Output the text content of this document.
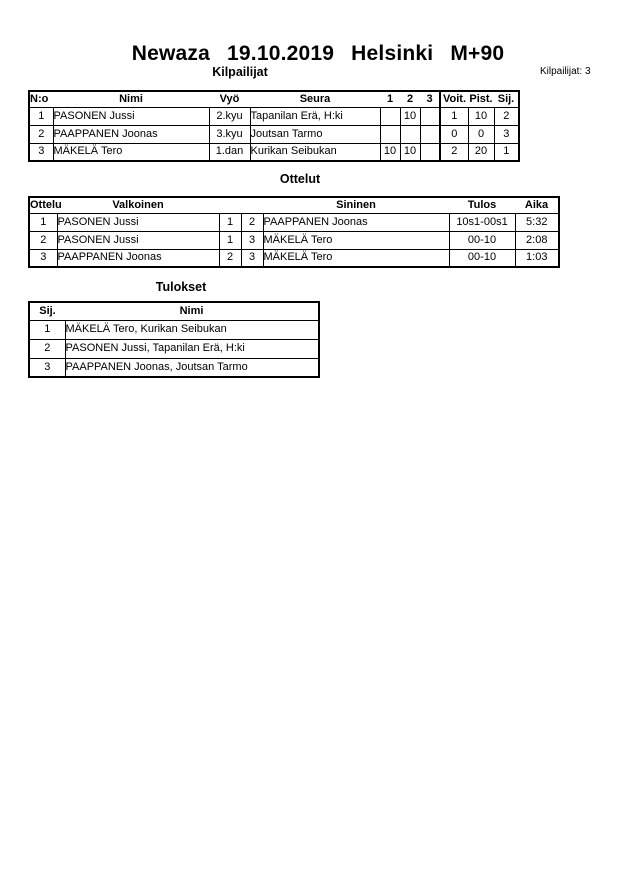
Newaza 19.10.2019 Helsinki M+90
Kilpailijat	Kilpailijat: 3
N:o	Nimi	Vyö	Seura	1	2	3	Voit.	Pist.	Sij.
1	PASONEN Jussi	2.kyu	Tapanilan Erä, H:ki		10		1	10	2
2	PAAPPANEN Joonas	3.kyu	Joutsan Tarmo				0	0	3
3	MÄKELÄ Tero	1.dan	Kurikan Seibukan	10	10		2	20	1
Ottelut
Ottelu	Valkoinen			Sininen	Tulos	Aika
1	PASONEN Jussi	1	2	PAAPPANEN Joonas	10s1-00s1	5:32
2	PASONEN Jussi	1	3	MÄKELÄ Tero	00-10	2:08
3	PAAPPANEN Joonas	2	3	MÄKELÄ Tero	00-10	1:03
Tulokset
Sij.	Nimi
1	MÄKELÄ Tero, Kurikan Seibukan
2	PASONEN Jussi, Tapanilan Erä, H:ki
3	PAAPPANEN Joonas, Joutsan Tarmo
